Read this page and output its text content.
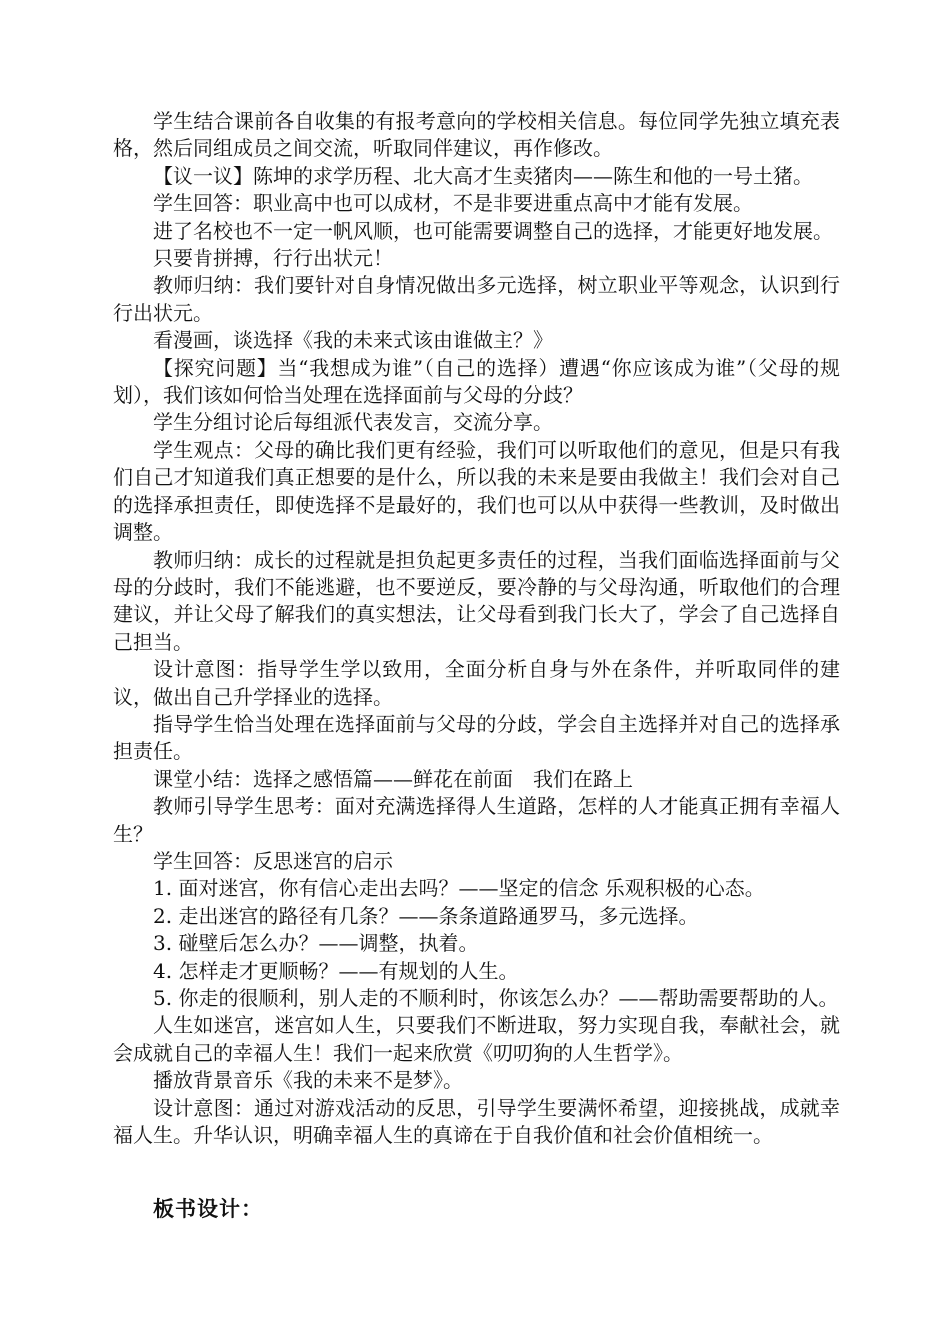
学生结合课前各自收集的有报考意向的学校相关信息。每位同学先独立填充表格，然后同组成员之间交流，听取同伴建议，再作修改。

【议一议】陈坤的求学历程、北大高才生卖猪肉——陈生和他的一号土猪。

学生回答：职业高中也可以成材，不是非要进重点高中才能有发展。

进了名校也不一定一帆风顺，也可能需要调整自己的选择，才能更好地发展。

只要肯拼搏，行行出状元！

教师归纳：我们要针对自身情况做出多元选择，树立职业平等观念，认识到行行出状元。

看漫画，谈选择《我的未来式该由谁做主？》

【探究问题】当“我想成为谁”（自己的选择）遭遇“你应该成为谁”（父母的规划），我们该如何恰当处理在选择面前与父母的分歧？

学生分组讨论后每组派代表发言，交流分享。

学生观点：父母的确比我们更有经验，我们可以听取他们的意见，但是只有我们自己才知道我们真正想要的是什么，所以我的未来是要由我做主！我们会对自己的选择承担责任，即使选择不是最好的，我们也可以从中获得一些教训，及时做出调整。

教师归纳：成长的过程就是担负起更多责任的过程，当我们面临选择面前与父母的分歧时，我们不能逃避，也不要逆反，要冷静的与父母沟通，听取他们的合理建议，并让父母了解我们的真实想法，让父母看到我门长大了，学会了自己选择自己担当。

设计意图：指导学生学以致用，全面分析自身与外在条件，并听取同伴的建议，做出自己升学择业的选择。

指导学生恰当处理在选择面前与父母的分歧，学会自主选择并对自己的选择承担责任。

课堂小结：选择之感悟篇——鲜花在前面　我们在路上

教师引导学生思考：面对充满选择得人生道路，怎样的人才能真正拥有幸福人生？

学生回答：反思迷宫的启示

1. 面对迷宫，你有信心走出去吗？——坚定的信念 乐观积极的心态。

2. 走出迷宫的路径有几条？——条条道路通罗马，多元选择。

3. 碰壁后怎么办？——调整，执着。

4. 怎样走才更顺畅？——有规划的人生。

5. 你走的很顺利，别人走的不顺利时，你该怎么办？——帮助需要帮助的人。

人生如迷宫，迷宫如人生，只要我们不断进取，努力实现自我，奉献社会，就会成就自己的幸福人生！我们一起来欣赏《叨叨狗的人生哲学》。

播放背景音乐《我的未来不是梦》。

设计意图：通过对游戏活动的反思，引导学生要满怀希望，迎接挑战，成就幸福人生。升华认识，明确幸福人生的真谛在于自我价值和社会价值相统一。

板书设计：
